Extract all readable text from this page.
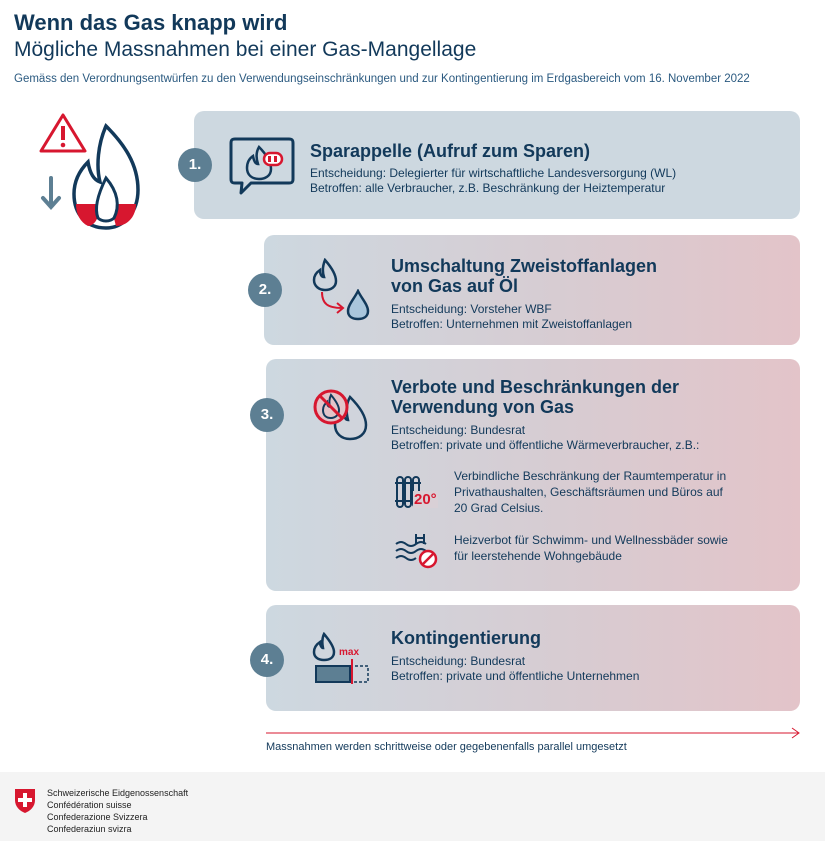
Wenn das Gas knapp wird
Mögliche Massnahmen bei einer Gas-Mangellage
Gemäss den Verordnungsentwürfen zu den Verwendungseinschränkungen und zur Kontingentierung im Erdgasbereich vom 16. November 2022
1.
Sparappelle (Aufruf zum Sparen)
Entscheidung: Delegierter für wirtschaftliche Landesversorgung (WL)
Betroffen: alle Verbraucher, z.B. Beschränkung der Heiztemperatur
2.
Umschaltung Zweistoffanlagen
von Gas auf Öl
Entscheidung: Vorsteher WBF
Betroffen: Unternehmen mit Zweistoffanlagen
3.
Verbote und Beschränkungen der
Verwendung von Gas
Entscheidung: Bundesrat
Betroffen: private und öffentliche Wärmeverbraucher, z.B.:
20°
Verbindliche Beschränkung der Raumtemperatur in
Privathaushalten, Geschäftsräumen und Büros auf
20 Grad Celsius.
Heizverbot für Schwimm- und Wellnessbäder sowie
für leerstehende Wohngebäude
4.	max
Kontingentierung
Entscheidung: Bundesrat
Betroffen: private und öffentliche Unternehmen
Massnahmen werden schrittweise oder gegebenenfalls parallel umgesetzt
Schweizerische Eidgenossenschaft
Confédération suisse
Confederazione Svizzera
Confederaziun svizra
